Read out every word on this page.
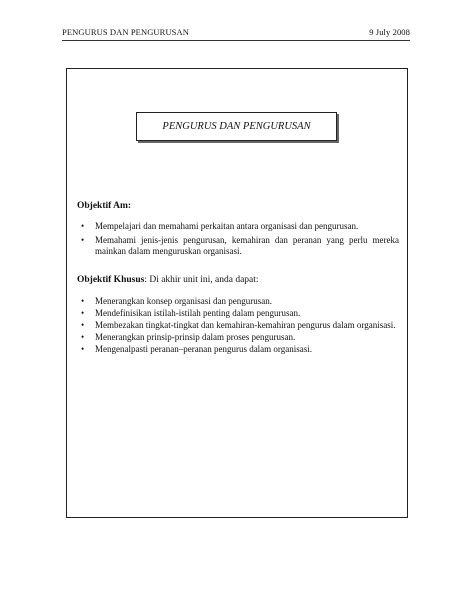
PENGURUS DAN PENGURUSAN	9 July 2008
PENGURUS DAN PENGURUSAN
Objektif Am:
• Mempelajari dan memahami perkaitan antara organisasi dan pengurusan.
• Memahami jenis-jenis pengurusan, kemahiran dan peranan yang perlu mereka mainkan dalam menguruskan organisasi.
Objektif Khusus: Di akhir unit ini, anda dapat:
• Menerangkan konsep organisasi dan pengurusan.
• Mendefinisikan istilah-istilah penting dalam pengurusan.
• Membezakan tingkat-tingkat dan kemahiran-kemahiran pengurus dalam organisasi.
• Menerangkan prinsip-prinsip dalam proses pengurusan.
• Mengenalpasti peranan–peranan pengurus dalam organisasi.
